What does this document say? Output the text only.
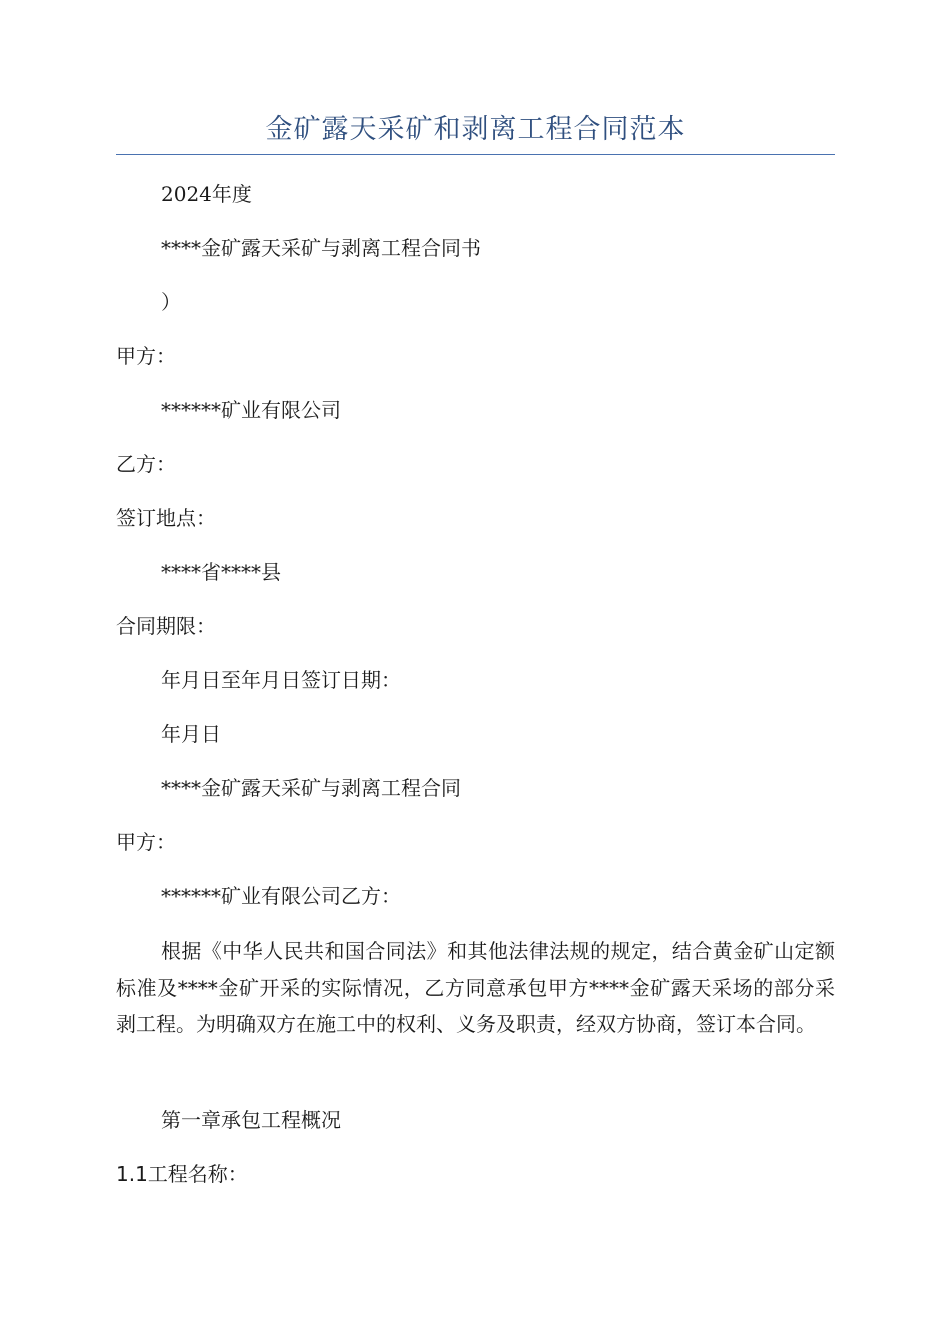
金矿露天采矿和剥离工程合同范本
2024年度
****金矿露天采矿与剥离工程合同书
）
甲方：
******矿业有限公司
乙方：
签订地点：
****省****县
合同期限：
年月日至年月日签订日期：
年月日
****金矿露天采矿与剥离工程合同
甲方：
******矿业有限公司乙方：
根据《中华人民共和国合同法》和其他法律法规的规定，结合黄金矿山定额标准及****金矿开采的实际情况，乙方同意承包甲方****金矿露天采场的部分采剥工程。为明确双方在施工中的权利、义务及职责，经双方协商，签订本合同。
第一章承包工程概况
1.1工程名称：
